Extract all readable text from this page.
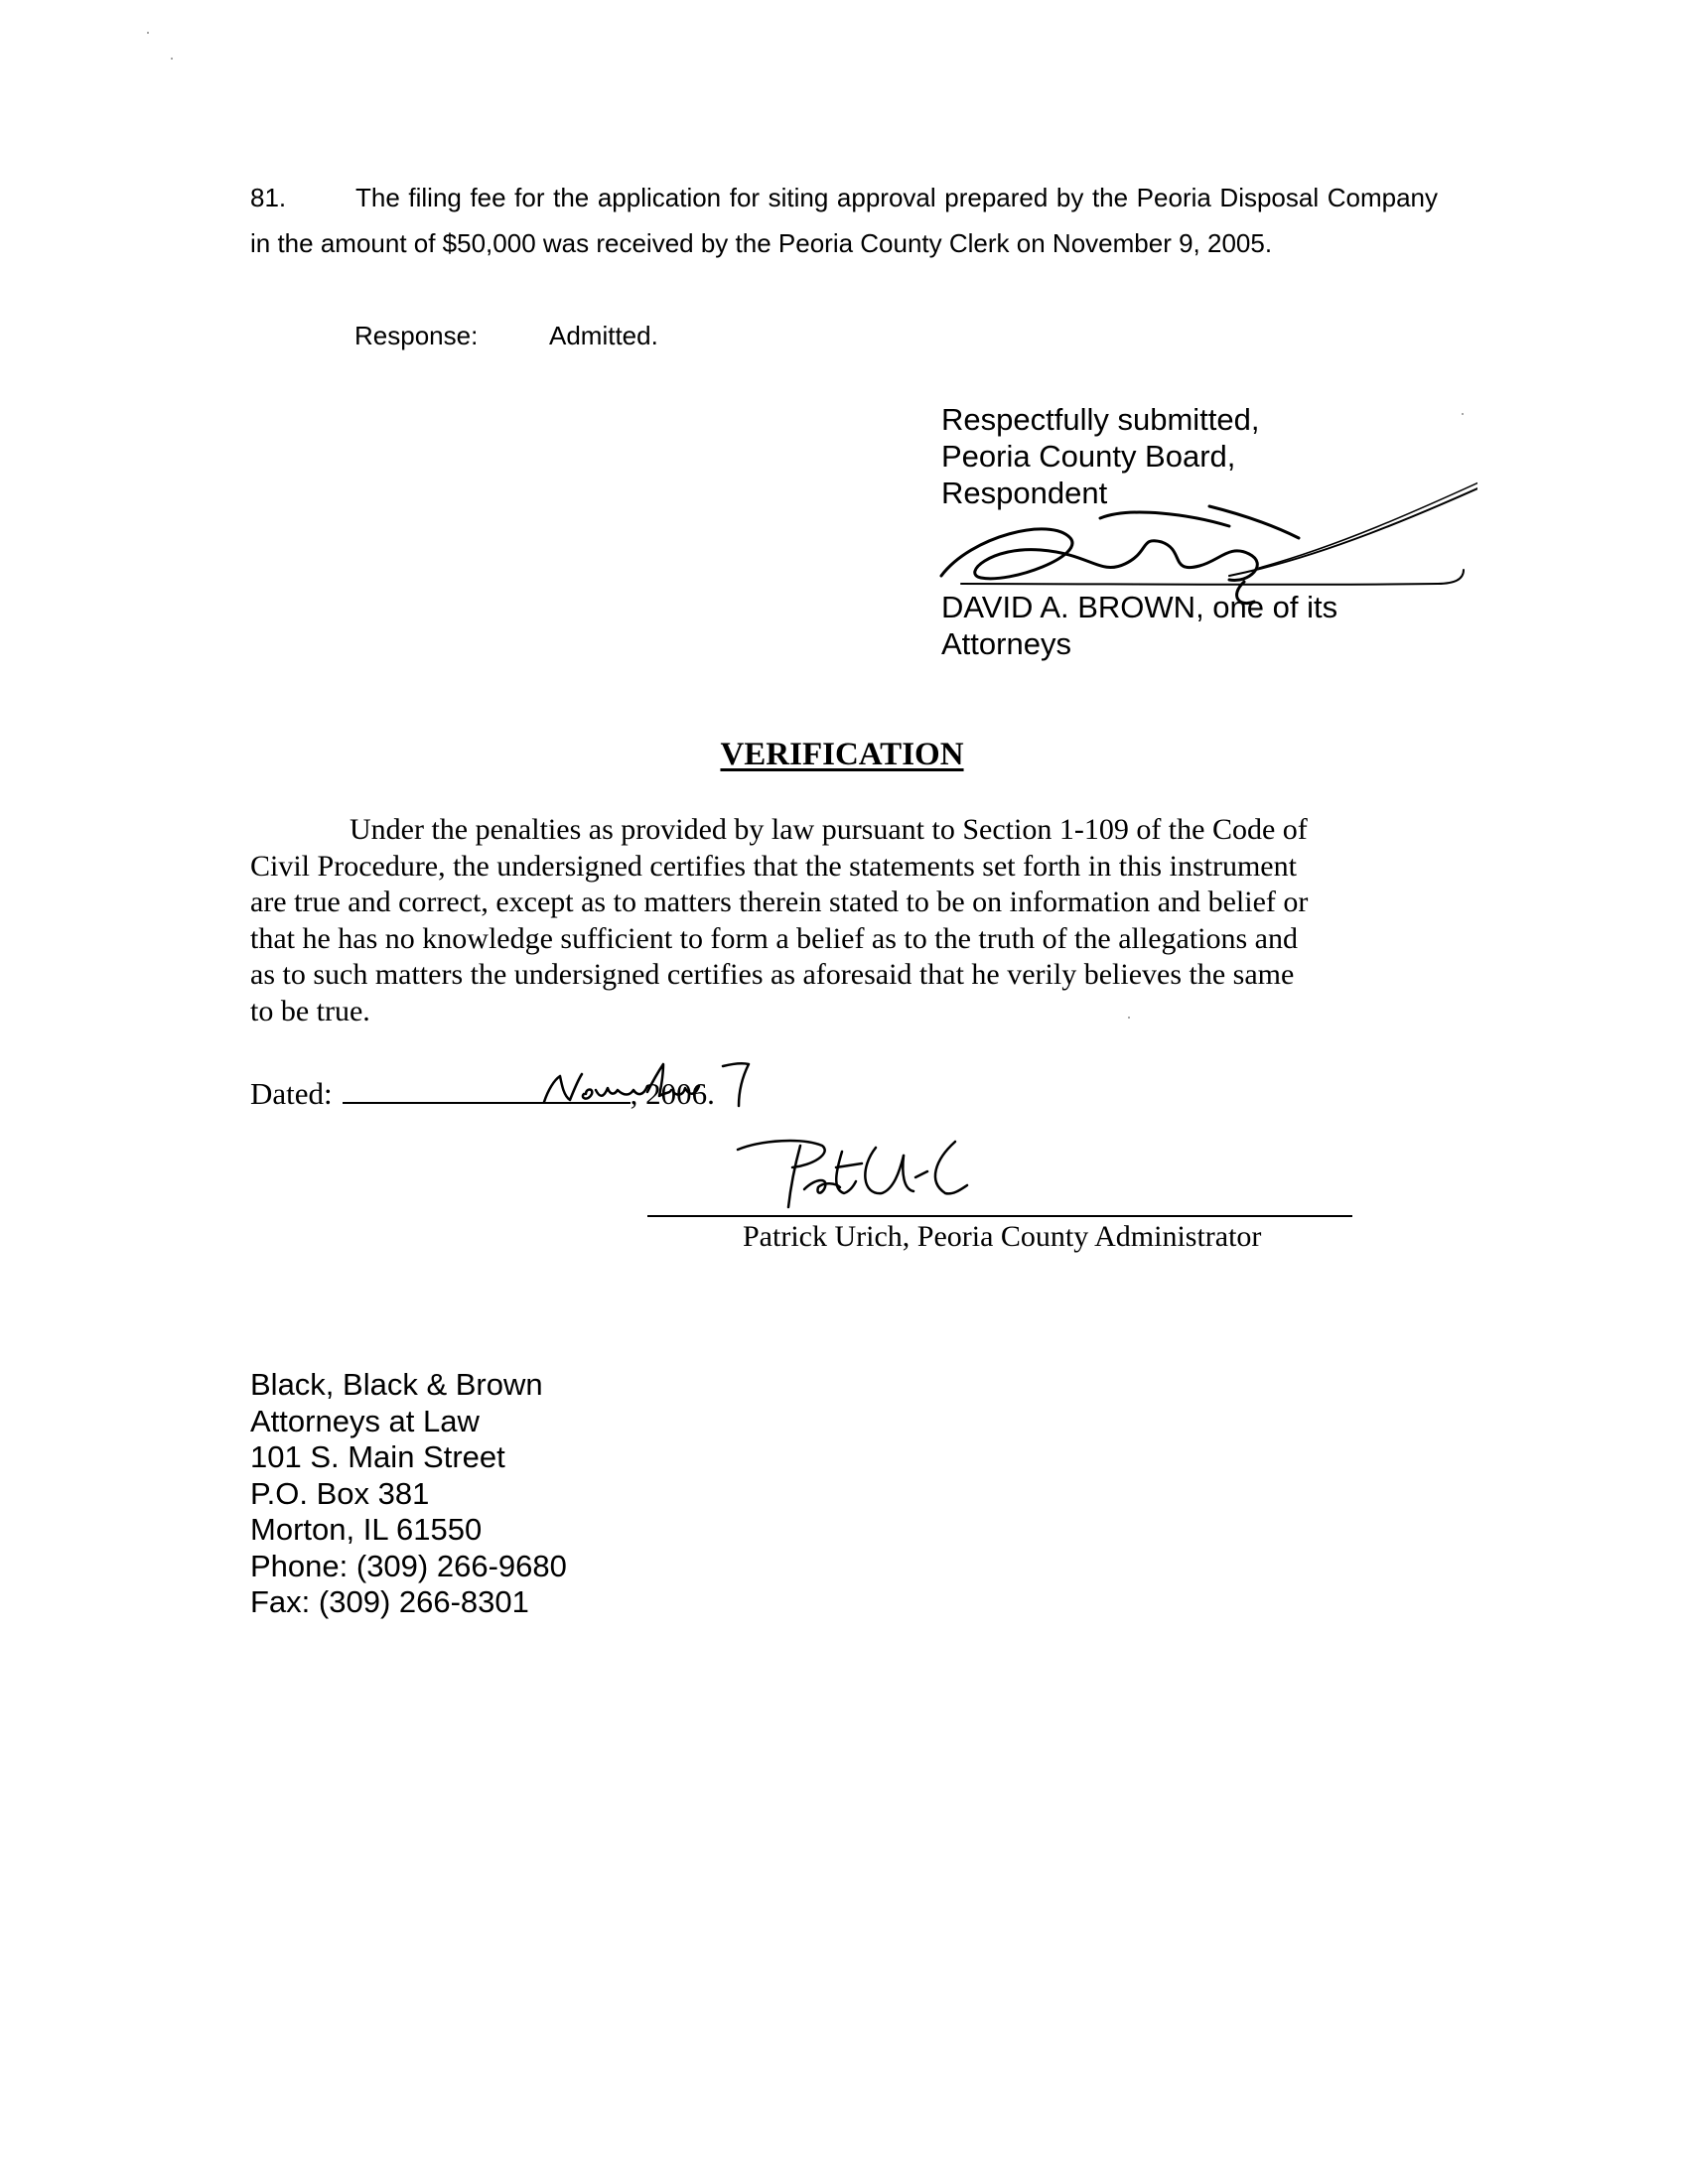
81.	The filing fee for the application for siting approval prepared by the Peoria Disposal Company in the amount of $50,000 was received by the Peoria County Clerk on November 9, 2005.
Response:	Admitted.
Respectfully submitted,
Peoria County Board,
Respondent
DAVID A. BROWN, one of its
Attorneys
VERIFICATION
Under the penalties as provided by law pursuant to Section 1-109 of the Code of
Civil Procedure, the undersigned certifies that the statements set forth in this instrument
are true and correct, except as to matters therein stated to be on information and belief or
that he has no knowledge sufficient to form a belief as to the truth of the allegations and
as to such matters the undersigned certifies as aforesaid that he verily believes the same
to be true.
Dated:	, 2006.
Patrick Urich, Peoria County Administrator
Black, Black & Brown
Attorneys at Law
101 S. Main Street
P.O. Box 381
Morton, IL 61550
Phone: (309) 266-9680
Fax: (309) 266-8301
